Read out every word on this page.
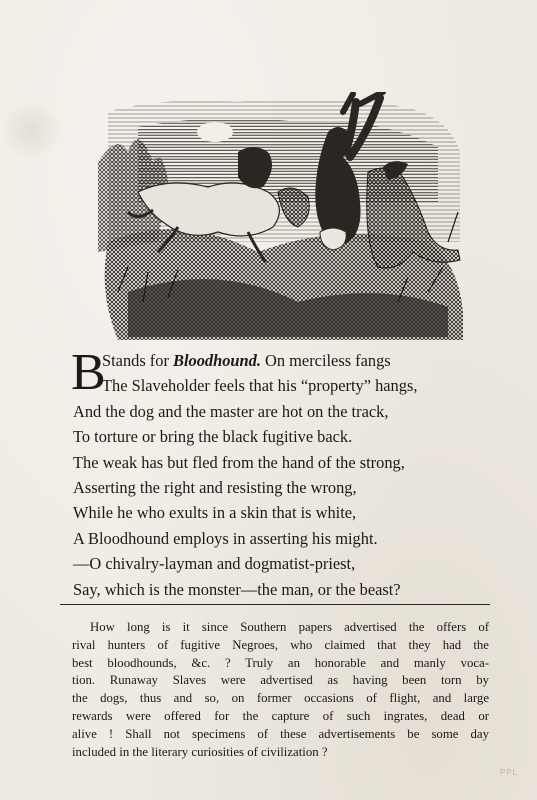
B
Stands for Bloodhound. On merciless fangs
The Slaveholder feels that his “property” hangs,
And the dog and the master are hot on the track,
To torture or bring the black fugitive back.
The weak has but fled from the hand of the strong,
Asserting the right and resisting the wrong,
While he who exults in a skin that is white,
A Bloodhound employs in asserting his might.
—O chivalry-layman and dogmatist-priest,
Say, which is the monster—the man, or the beast?
How long is it since Southern papers advertised the offers of
rival hunters of fugitive Negroes, who claimed that they had the
best bloodhounds, &c. ? Truly an honorable and manly voca-
tion. Runaway Slaves were advertised as having been torn by
the dogs, thus and so, on former occasions of flight, and large
rewards were offered for the capture of such ingrates, dead or
alive ! Shall not specimens of these advertisements be some day
included in the literary curiosities of civilization ?
PPL
